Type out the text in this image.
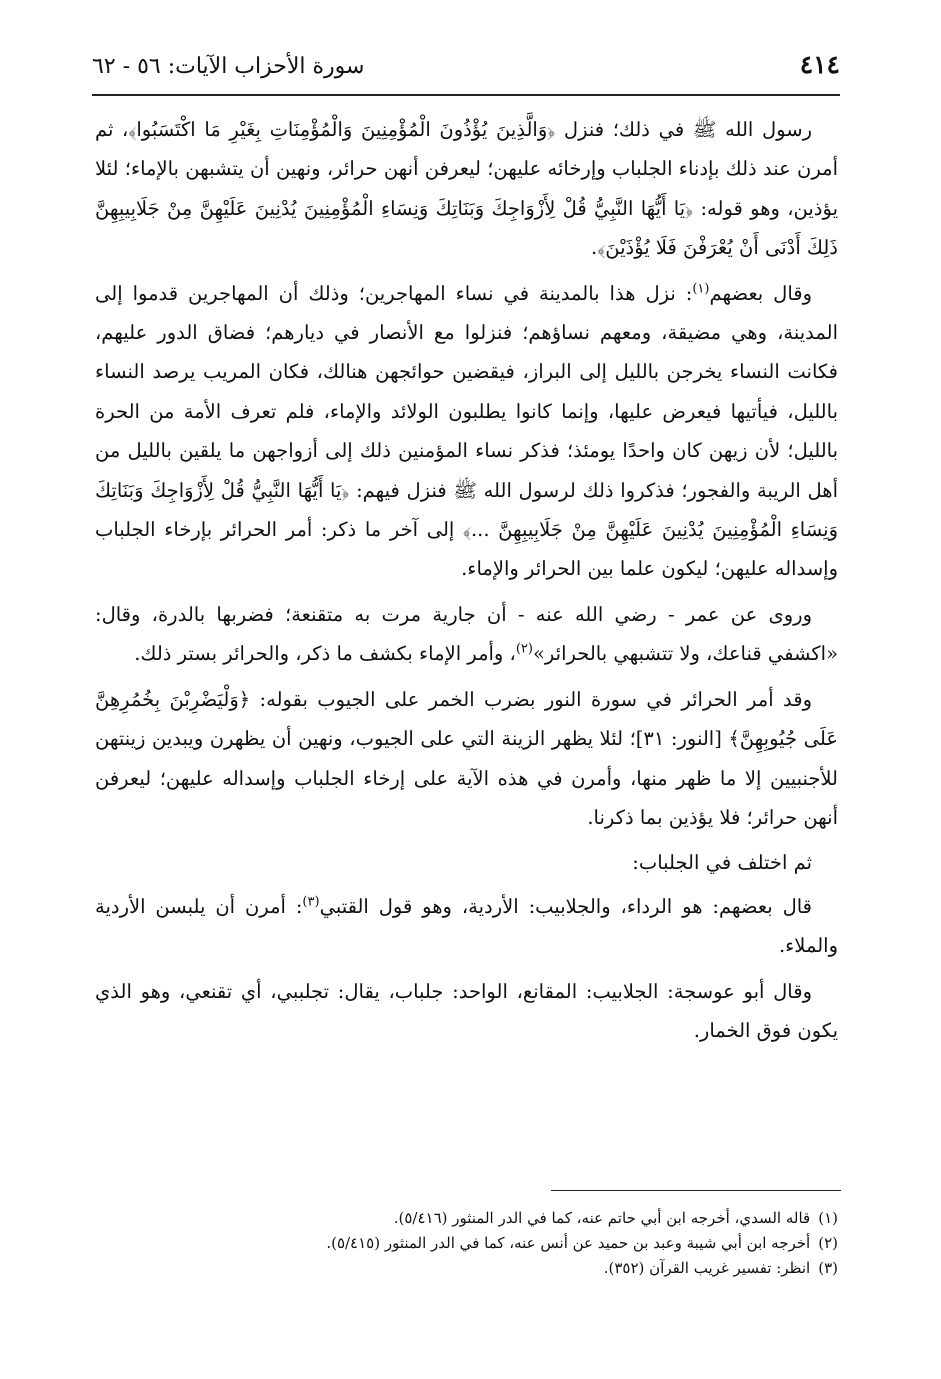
٤١٤
سورة الأحزاب الآيات: ٥٦ - ٦٢

رسول الله ﷺ في ذلك؛ فنزل ﴿وَالَّذِينَ يُؤْذُونَ الْمُؤْمِنِينَ وَالْمُؤْمِنَاتِ بِغَيْرِ مَا اكْتَسَبُوا﴾، ثم أمرن عند ذلك بإدناء الجلباب وإرخائه عليهن؛ ليعرفن أنهن حرائر، ونهين أن يتشبهن بالإماء؛ لئلا يؤذين، وهو قوله: ﴿يَا أَيُّهَا النَّبِيُّ قُلْ لِأَزْوَاجِكَ وَبَنَاتِكَ وَنِسَاءِ الْمُؤْمِنِينَ يُدْنِينَ عَلَيْهِنَّ مِنْ جَلَابِيبِهِنَّ ذَلِكَ أَدْنَى أَنْ يُعْرَفْنَ فَلَا يُؤْذَيْنَ﴾.

وقال بعضهم$^{(١)}$: نزل هذا بالمدينة في نساء المهاجرين؛ وذلك أن المهاجرين قدموا إلى المدينة، وهي مضيقة، ومعهم نساؤهم؛ فنزلوا مع الأنصار في ديارهم؛ فضاق الدور عليهم، فكانت النساء يخرجن بالليل إلى البراز، فيقضين حوائجهن هنالك، فكان المريب يرصد النساء بالليل، فيأتيها فيعرض عليها، وإنما كانوا يطلبون الولائد والإماء، فلم تعرف الأمة من الحرة بالليل؛ لأن زيهن كان واحدًا يومئذ؛ فذكر نساء المؤمنين ذلك إلى أزواجهن ما يلقين بالليل من أهل الريبة والفجور؛ فذكروا ذلك لرسول الله ﷺ فنزل فيهم: ﴿يَا أَيُّهَا النَّبِيُّ قُلْ لِأَزْوَاجِكَ وَبَنَاتِكَ وَنِسَاءِ الْمُؤْمِنِينَ يُدْنِينَ عَلَيْهِنَّ مِنْ جَلَابِيبِهِنَّ ...﴾ إلى آخر ما ذكر: أمر الحرائر بإرخاء الجلباب وإسداله عليهن؛ ليكون علما بين الحرائر والإماء.

وروى عن عمر - رضي الله عنه - أن جارية مرت به متقنعة؛ فضربها بالدرة، وقال: «اكشفي قناعك، ولا تتشبهي بالحرائر»$^{(٢)}$، وأمر الإماء بكشف ما ذكر، والحرائر بستر ذلك.

وقد أمر الحرائر في سورة النور بضرب الخمر على الجيوب بقوله: ﴿وَلْيَضْرِبْنَ بِخُمُرِهِنَّ عَلَى جُيُوبِهِنَّ﴾ [النور: ٣١]؛ لئلا يظهر الزينة التي على الجيوب، ونهين أن يظهرن ويبدين زينتهن للأجنبيين إلا ما ظهر منها، وأمرن في هذه الآية على إرخاء الجلباب وإسداله عليهن؛ ليعرفن أنهن حرائر؛ فلا يؤذين بما ذكرنا.

ثم اختلف في الجلباب:

قال بعضهم: هو الرداء، والجلابيب: الأردية، وهو قول القتبي$^{(٣)}$: أمرن أن يلبسن الأردية والملاء.

وقال أبو عوسجة: الجلابيب: المقانع، الواحد: جلباب، يقال: تجلببي، أي تقنعي، وهو الذي يكون فوق الخمار.

(١)قاله السدي، أخرجه ابن أبي حاتم عنه، كما في الدر المنثور (٥/٤١٦).
(٢)أخرجه ابن أبي شيبة وعبد بن حميد عن أنس عنه، كما في الدر المنثور (٥/٤١٥).
(٣)انظر: تفسير غريب القرآن (٣٥٢).
